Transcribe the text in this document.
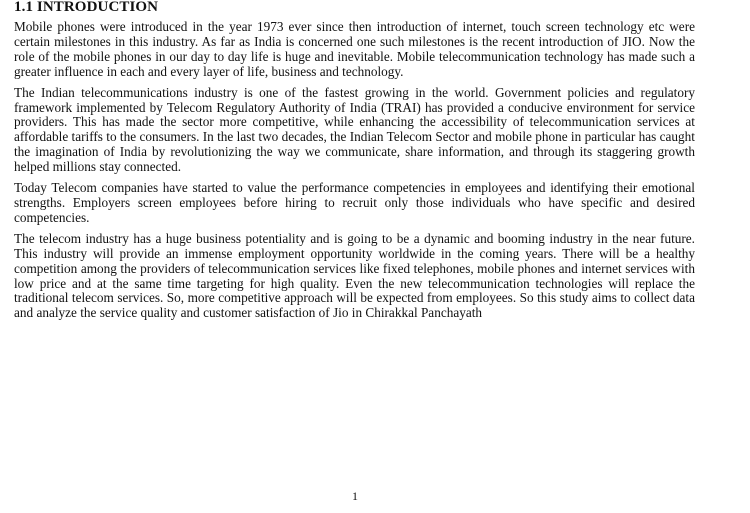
1.1 INTRODUCTION

Mobile phones were introduced in the year 1973 ever since then introduction of internet, touch screen technology etc were certain milestones in this industry. As far as India is concerned one such milestones is the recent introduction of JIO. Now the role of the mobile phones in our day to day life is huge and inevitable. Mobile telecommunication technology has made such a greater influence in each and every layer of life, business and technology.

The Indian telecommunications industry is one of the fastest growing in the world. Government policies and regulatory framework implemented by Telecom Regulatory Authority of India (TRAI) has provided a conducive environment for service providers. This has made the sector more competitive, while enhancing the accessibility of telecommunication services at affordable tariffs to the consumers. In the last two decades, the Indian Telecom Sector and mobile phone in particular has caught the imagination of India by revolutionizing the way we communicate, share information, and through its staggering growth helped millions stay connected.

Today Telecom companies have started to value the performance competencies in employees and identifying their emotional strengths. Employers screen employees before hiring to recruit only those individuals who have specific and desired competencies.

The telecom industry has a huge business potentiality and is going to be a dynamic and booming industry in the near future. This industry will provide an immense employment opportunity worldwide in the coming years. There will be a healthy competition among the providers of telecommunication services like fixed telephones, mobile phones and internet services with low price and at the same time targeting for high quality. Even the new telecommunication technologies will replace the traditional telecom services. So, more competitive approach will be expected from employees. So this study aims to collect data and analyze the service quality and customer satisfaction of Jio in Chirakkal Panchayath

1
